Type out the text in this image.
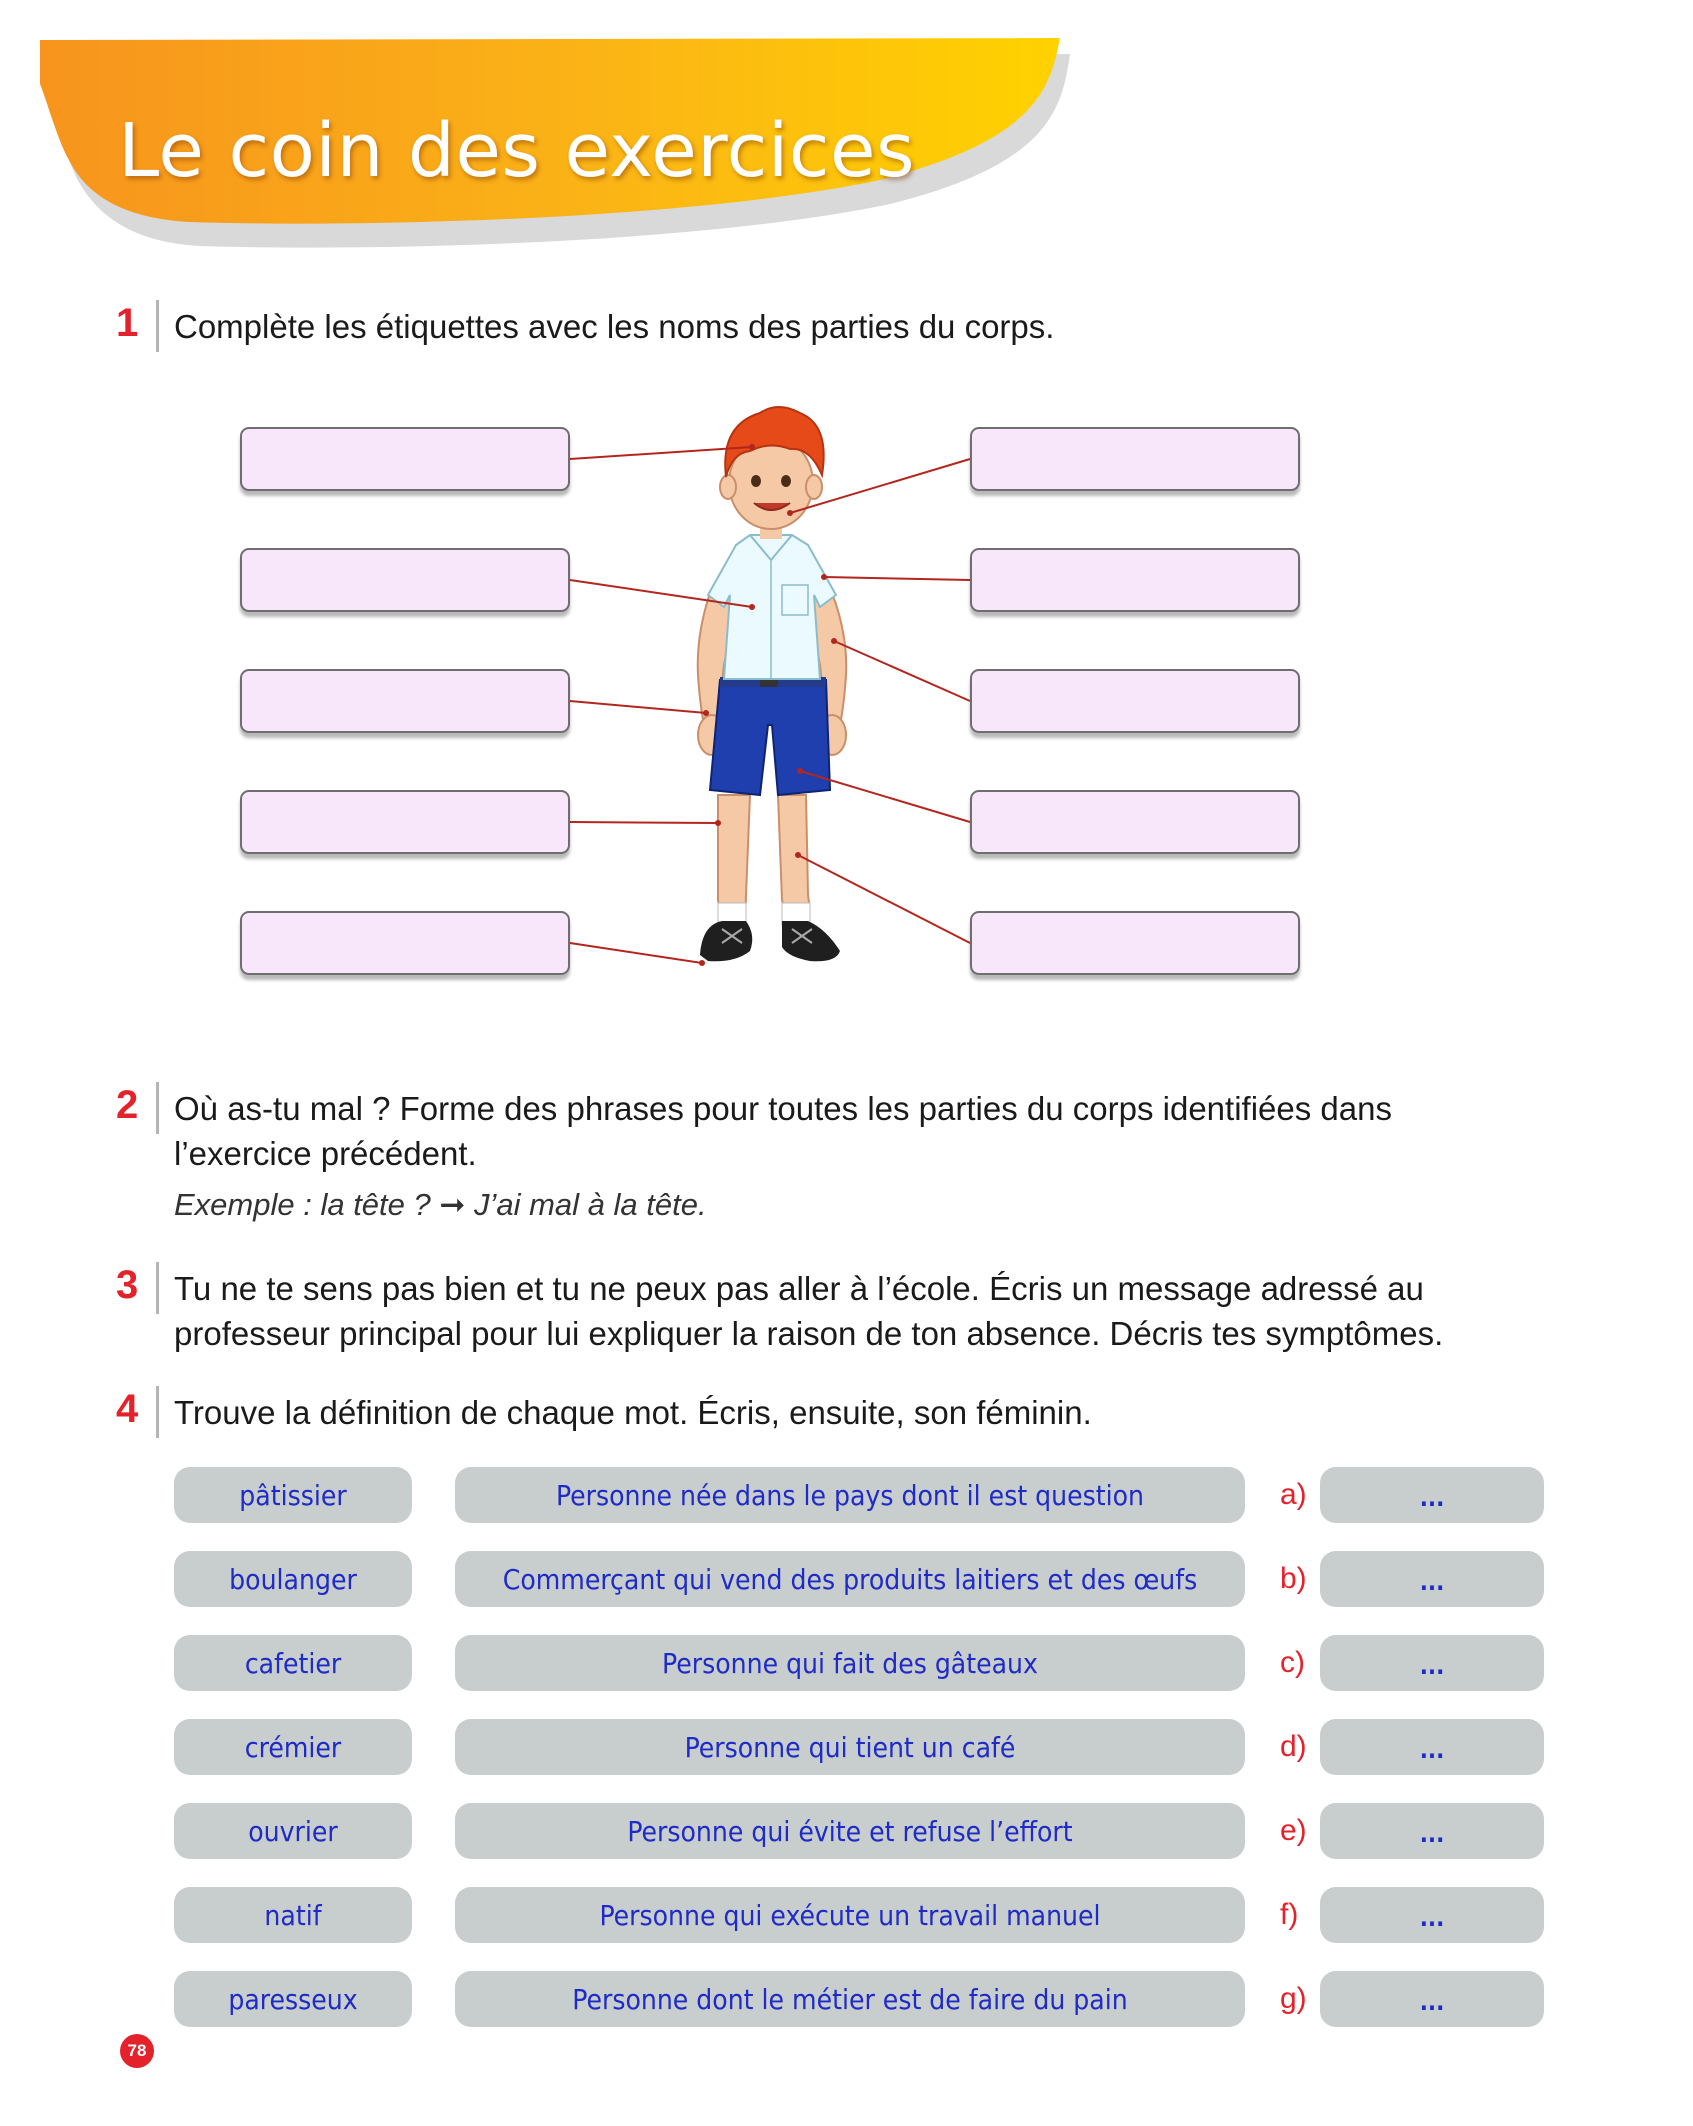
Le coin des exercices
1 Complète les étiquettes avec les noms des parties du corps.
2 Où as-tu mal ? Forme des phrases pour toutes les parties du corps identifiées dans l’exercice précédent.
Exemple : la tête ? ➞ J’ai mal à la tête.
3 Tu ne te sens pas bien et tu ne peux pas aller à l’école. Écris un message adressé au professeur principal pour lui expliquer la raison de ton absence. Décris tes symptômes.
4 Trouve la définition de chaque mot. Écris, ensuite, son féminin.
pâtissier	Personne née dans le pays dont il est question	a)	...
boulanger	Commerçant qui vend des produits laitiers et des œufs	b)	...
cafetier	Personne qui fait des gâteaux	c)	...
crémier	Personne qui tient un café	d)	...
ouvrier	Personne qui évite et refuse l’effort	e)	...
natif	Personne qui exécute un travail manuel	f)	...
paresseux	Personne dont le métier est de faire du pain	g)	...
78
